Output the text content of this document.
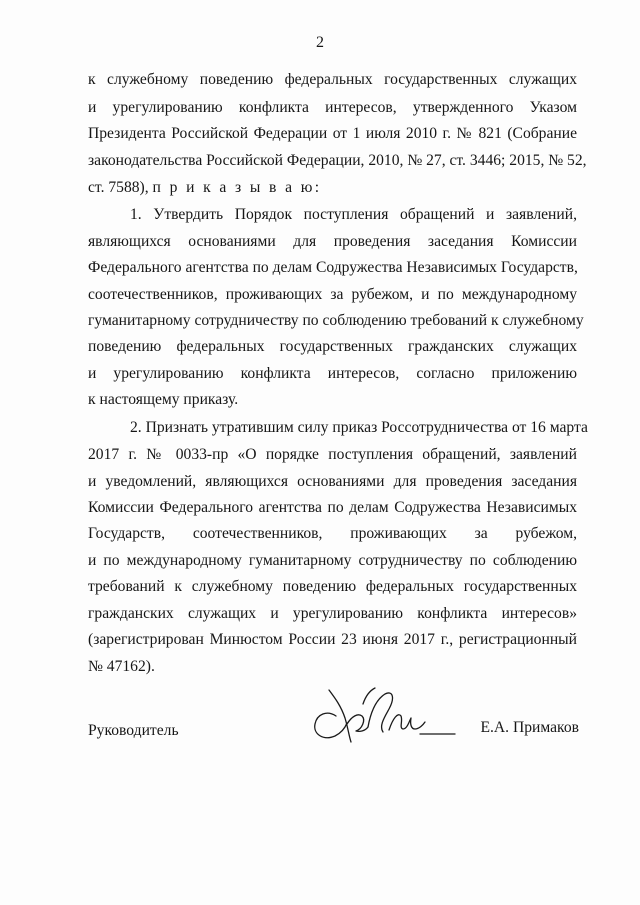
2
к служебному поведению федеральных государственных служащих
и урегулированию конфликта интересов, утвержденного Указом
Президента Российской Федерации от 1 июля 2010 г. № 821 (Собрание
законодательства Российской Федерации, 2010, № 27, ст. 3446; 2015, № 52,
ст. 7588), п р и к а з ы в а ю:
1. Утвердить Порядок поступления обращений и заявлений,
являющихся основаниями для проведения заседания Комиссии
Федерального агентства по делам Содружества Независимых Государств,
соотечественников, проживающих за рубежом, и по международному
гуманитарному сотрудничеству по соблюдению требований к служебному
поведению федеральных государственных гражданских служащих
и урегулированию конфликта интересов, согласно приложению
к настоящему приказу.
2. Признать утратившим силу приказ Россотрудничества от 16 марта
2017 г. № 0033-пр «О порядке поступления обращений, заявлений
и уведомлений, являющихся основаниями для проведения заседания
Комиссии Федерального агентства по делам Содружества Независимых
Государств, соотечественников, проживающих за рубежом,
и по международному гуманитарному сотрудничеству по соблюдению
требований к служебному поведению федеральных государственных
гражданских служащих и урегулированию конфликта интересов»
(зарегистрирован Минюстом России 23 июня 2017 г., регистрационный
№ 47162).
Руководитель	Е.А. Примаков
